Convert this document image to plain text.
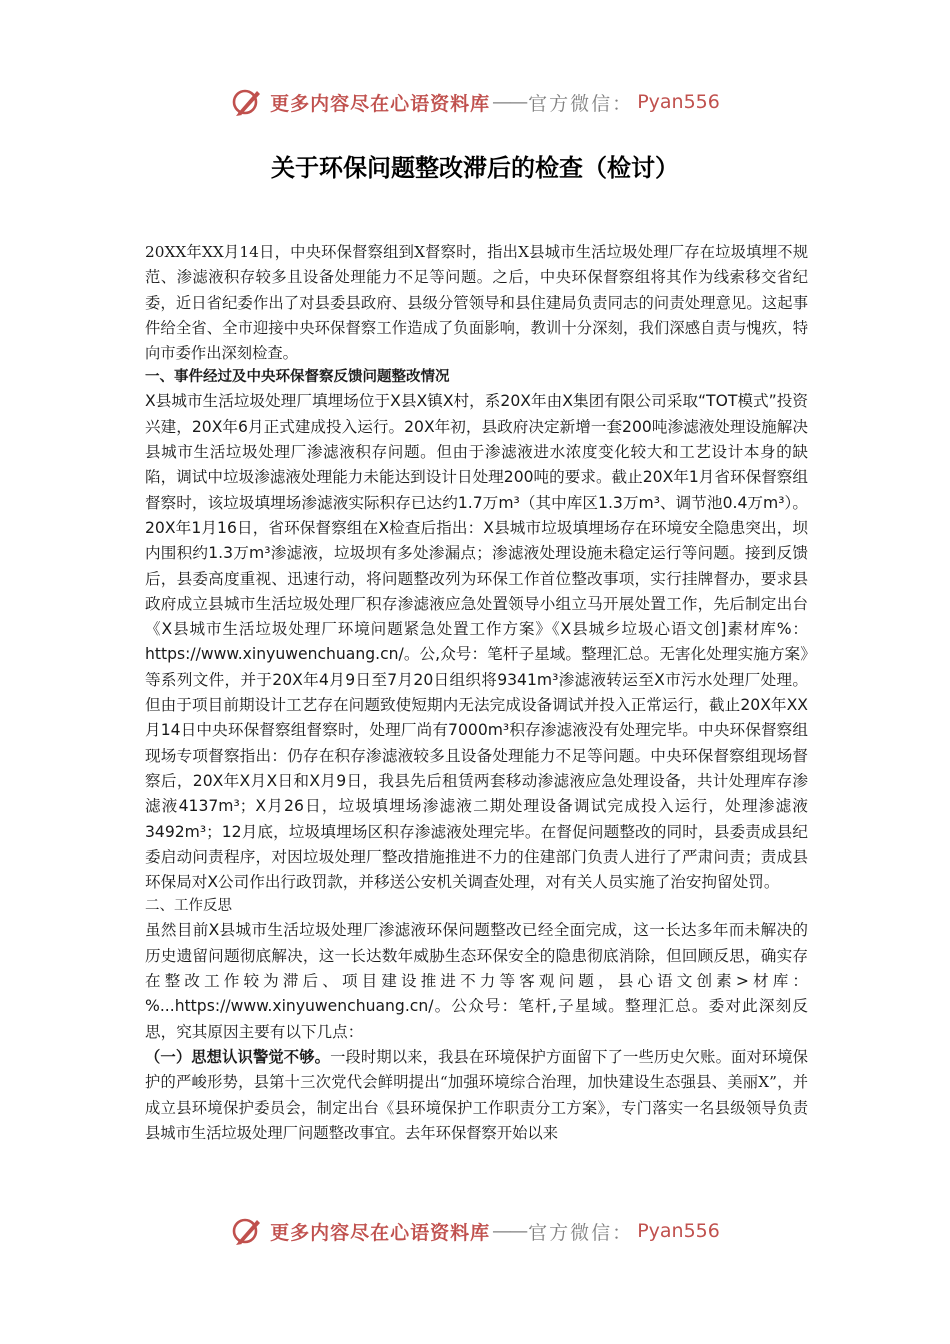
更多内容尽在心语资料库 —— 官方微信： Pyan556
关于环保问题整改滞后的检查（检讨）

20XX年XX月14日，中央环保督察组到X督察时，指出X县城市生活垃圾处理厂存在垃圾填埋不规范、渗滤液积存较多且设备处理能力不足等问题。之后，中央环保督察组将其作为线索移交省纪委，近日省纪委作出了对县委县政府、县级分管领导和县住建局负责同志的问责处理意见。这起事件给全省、全市迎接中央环保督察工作造成了负面影响，教训十分深刻，我们深感自责与愧疚，特向市委作出深刻检查。

一、事件经过及中央环保督察反馈问题整改情况

X县城市生活垃圾处理厂填埋场位于X县X镇X村，系20X年由X集团有限公司采取“TOT模式”投资兴建，20X年6月正式建成投入运行。20X年初，县政府决定新增一套200吨渗滤液处理设施解决县城市生活垃圾处理厂渗滤液积存问题。但由于渗滤液进水浓度变化较大和工艺设计本身的缺陷，调试中垃圾渗滤液处理能力未能达到设计日处理200吨的要求。截止20X年1月省环保督察组督察时，该垃圾填埋场渗滤液实际积存已达约1.7万m³（其中库区1.3万m³、调节池0.4万m³）。20X年1月16日，省环保督察组在X检查后指出：X县城市垃圾填埋场存在环境安全隐患突出，坝内围积约1.3万m³渗滤液，垃圾坝有多处渗漏点；渗滤液处理设施未稳定运行等问题。接到反馈后，县委高度重视、迅速行动，将问题整改列为环保工作首位整改事项，实行挂牌督办，要求县政府成立县城市生活垃圾处理厂积存渗滤液应急处置领导小组立马开展处置工作，先后制定出台《X县城市生活垃圾处理厂环境问题紧急处置工作方案》《X县城乡垃圾心语文创]素材库%：https://www.xinyuwenchuang.cn/。公,众号：笔杆子星域。整理汇总。无害化处理实施方案》等系列文件，并于20X年4月9日至7月20日组织将9341m³渗滤液转运至X市污水处理厂处理。但由于项目前期设计工艺存在问题致使短期内无法完成设备调试并投入正常运行，截止20X年XX月14日中央环保督察组督察时，处理厂尚有7000m³积存渗滤液没有处理完毕。中央环保督察组现场专项督察指出：仍存在积存渗滤液较多且设备处理能力不足等问题。中央环保督察组现场督察后，20X年X月X日和X月9日，我县先后租赁两套移动渗滤液应急处理设备，共计处理库存渗滤液4137m³；X月26日，垃圾填埋场渗滤液二期处理设备调试完成投入运行，处理渗滤液3492m³；12月底，垃圾填埋场区积存渗滤液处理完毕。在督促问题整改的同时，县委责成县纪委启动问责程序，对因垃圾处理厂整改措施推进不力的住建部门负责人进行了严肃问责；责成县环保局对X公司作出行政罚款，并移送公安机关调查处理，对有关人员实施了治安拘留处罚。

二、工作反思

虽然目前X县城市生活垃圾处理厂渗滤液环保问题整改已经全面完成，这一长达多年而未解决的历史遗留问题彻底解决，这一长达数年威胁生态环保安全的隐患彻底消除，但回顾反思，确实存在整改工作较为滞后、项目建设推进不力等客观问题，县心语文创素>材库：%...https://www.xinyuwenchuang.cn/。公众号：笔杆,子星域。整理汇总。委对此深刻反思，究其原因主要有以下几点：

（一）思想认识警觉不够。一段时期以来，我县在环境保护方面留下了一些历史欠账。面对环境保护的严峻形势，县第十三次党代会鲜明提出“加强环境综合治理，加快建设生态强县、美丽X”，并成立县环境保护委员会，制定出台《县环境保护工作职责分工方案》，专门落实一名县级领导负责县城市生活垃圾处理厂问题整改事宜。去年环保督察开始以来

更多内容尽在心语资料库 —— 官方微信： Pyan556
